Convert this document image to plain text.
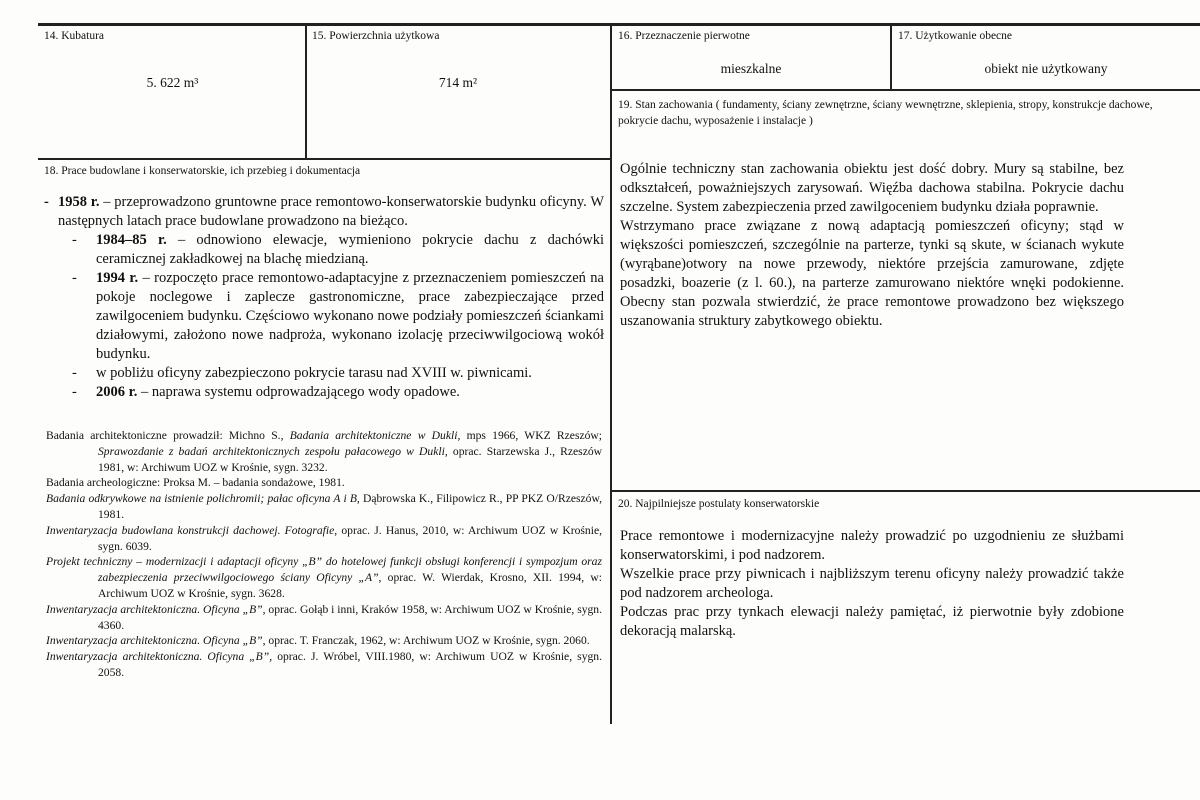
14. Kubatura
5. 622 m³
15. Powierzchnia użytkowa
714 m²
16. Przeznaczenie pierwotne
mieszkalne
17. Użytkowanie obecne
obiekt nie użytkowany
19. Stan zachowania ( fundamenty, ściany zewnętrzne, ściany wewnętrzne, sklepienia, stropy, konstrukcje dachowe, pokrycie dachu, wyposażenie i instalacje )

Ogólnie techniczny stan zachowania obiektu jest dość dobry. Mury są stabilne, bez odkształceń, poważniejszych zarysowań. Więźba dachowa stabilna. Pokrycie dachu szczelne. System zabezpieczenia przed zawilgoceniem budynku działa poprawnie.

Wstrzymano prace związane z nową adaptacją pomieszczeń oficyny; stąd w większości pomieszczeń, szczególnie na parterze, tynki są skute, w ścianach wykute (wyrąbane)otwory na nowe przewody, niektóre przejścia zamurowane, zdjęte posadzki, boazerie (z l. 60.), na parterze zamurowano niektóre wnęki podokienne. Obecny stan pozwala stwierdzić, że prace remontowe prowadzono bez większego uszanowania struktury zabytkowego obiektu.

20. Najpilniejsze postulaty konserwatorskie

Prace remontowe i modernizacyjne należy prowadzić po uzgodnieniu ze służbami konserwatorskimi, i pod nadzorem.

Wszelkie prace przy piwnicach i najbliższym terenu oficyny należy prowadzić także pod nadzorem archeologa.

Podczas prac przy tynkach elewacji należy pamiętać, iż pierwotnie były zdobione dekoracją malarską.

18. Prace budowlane i konserwatorskie, ich przebieg i dokumentacja
- 1958 r. – przeprowadzono gruntowne prace remontowo-konserwatorskie budynku oficyny. W następnych latach prace budowlane prowadzono na bieżąco.
- 1984–85 r. – odnowiono elewacje, wymieniono pokrycie dachu z dachówki ceramicznej zakładkowej na blachę miedzianą.
- 1994 r. – rozpoczęto prace remontowo-adaptacyjne z przeznaczeniem pomieszczeń na pokoje noclegowe i zaplecze gastronomiczne, prace zabezpieczające przed zawilgoceniem budynku. Częściowo wykonano nowe podziały pomieszczeń ściankami działowymi, założono nowe nadproża, wykonano izolację przeciwwilgociową wokół budynku.
- w pobliżu oficyny zabezpieczono pokrycie tarasu nad XVIII w. piwnicami.
- 2006 r. – naprawa systemu odprowadzającego wody opadowe.

Badania architektoniczne prowadził: Michno S., Badania architektoniczne w Dukli, mps 1966, WKZ Rzeszów; Sprawozdanie z badań architektonicznych zespołu pałacowego w Dukli, oprac. Starzewska J., Rzeszów 1981, w: Archiwum UOZ w Krośnie, sygn. 3232.

Badania archeologiczne: Proksa M. – badania sondażowe, 1981.

Badania odkrywkowe na istnienie polichromii; pałac oficyna A i B, Dąbrowska K., Filipowicz R., PP PKZ O/Rzeszów, 1981.

Inwentaryzacja budowlana konstrukcji dachowej. Fotografie, oprac. J. Hanus, 2010, w: Archiwum UOZ w Krośnie, sygn. 6039.

Projekt techniczny – modernizacji i adaptacji oficyny „B” do hotelowej funkcji obsługi konferencji i sympozjum oraz zabezpieczenia przeciwwilgociowego ściany Oficyny „A”, oprac. W. Wierdak, Krosno, XII. 1994, w: Archiwum UOZ w Krośnie, sygn. 3628.

Inwentaryzacja architektoniczna. Oficyna „B”, oprac. Gołąb i inni, Kraków 1958, w: Archiwum UOZ w Krośnie, sygn. 4360.

Inwentaryzacja architektoniczna. Oficyna „B”, oprac. T. Franczak, 1962, w: Archiwum UOZ w Krośnie, sygn. 2060.

Inwentaryzacja architektoniczna. Oficyna „B”, oprac. J. Wróbel, VIII.1980, w: Archiwum UOZ w Krośnie, sygn. 2058.
